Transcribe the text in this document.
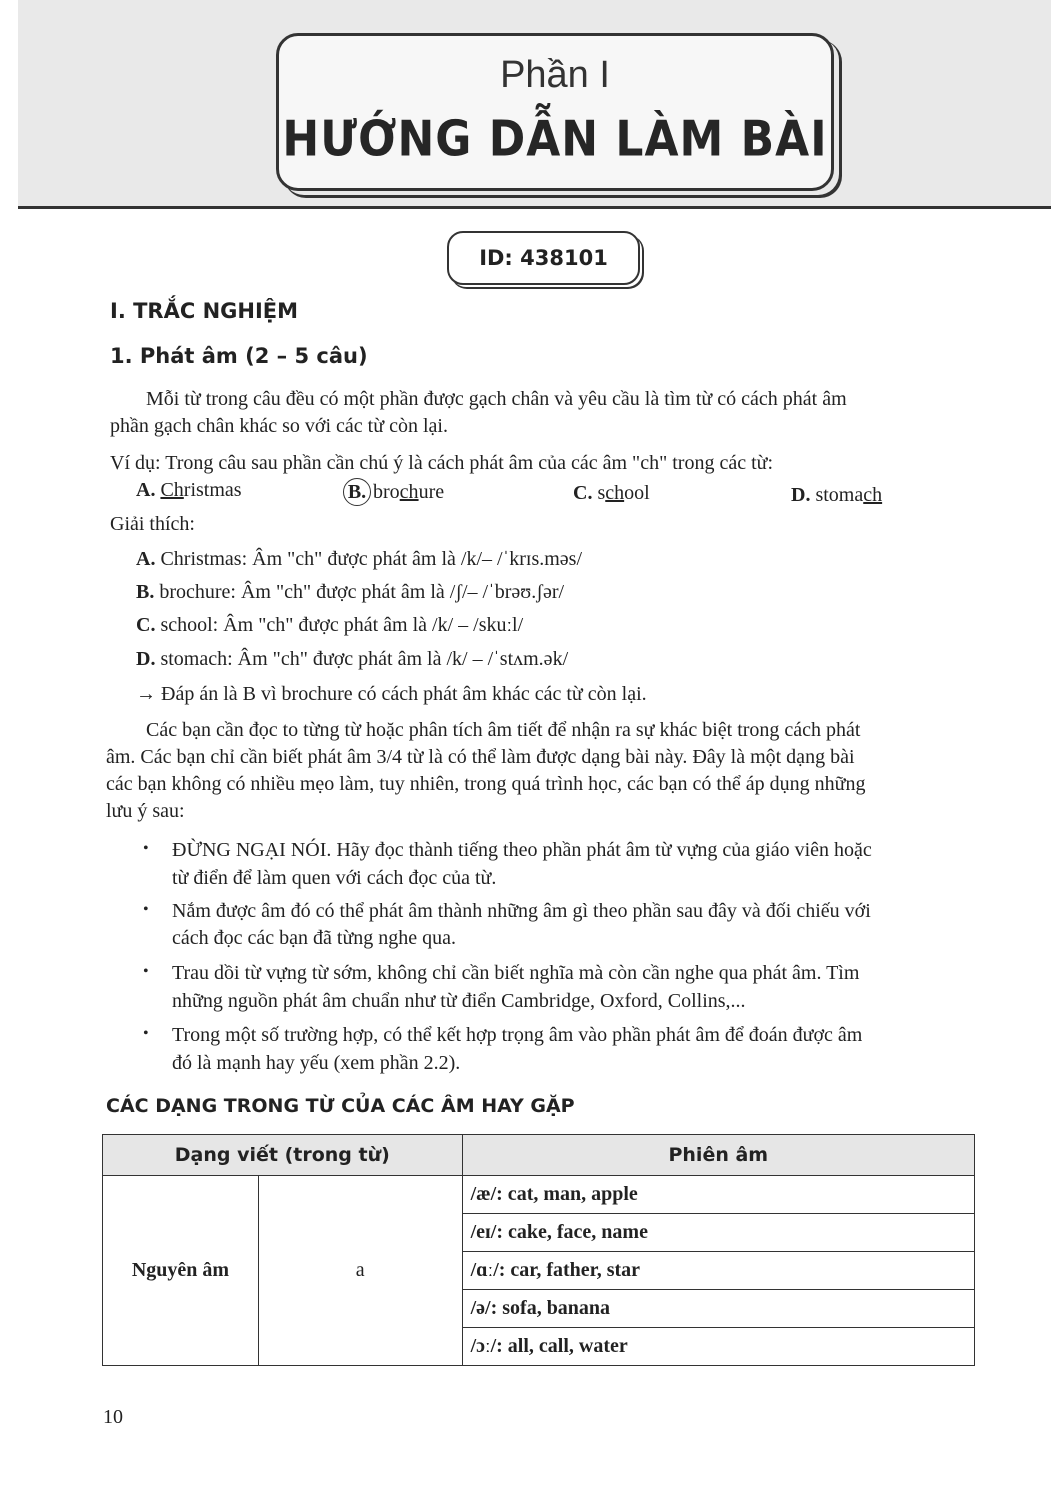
Phần I
HƯỚNG DẪN LÀM BÀI
ID: 438101
I. TRẮC NGHIỆM
1. Phát âm (2 – 5 câu)
Mỗi từ trong câu đều có một phần được gạch chân và yêu cầu là tìm từ có cách phát âm
phần gạch chân khác so với các từ còn lại.
Ví dụ: Trong câu sau phần cần chú ý là cách phát âm của các âm "ch" trong các từ:
A. Christmas	B. brochure	C. school	D. stomach
Giải thích:
A. Christmas: Âm "ch" được phát âm là /k/– /ˈkrɪs.məs/
B. brochure: Âm "ch" được phát âm là /ʃ/– /ˈbrəʊ.ʃər/
C. school: Âm "ch" được phát âm là /k/ – /skuːl/
D. stomach: Âm "ch" được phát âm là /k/ – /ˈstʌm.ək/
→ Đáp án là B vì brochure có cách phát âm khác các từ còn lại.
Các bạn cần đọc to từng từ hoặc phân tích âm tiết để nhận ra sự khác biệt trong cách phát
âm. Các bạn chỉ cần biết phát âm 3/4 từ là có thể làm được dạng bài này. Đây là một dạng bài
các bạn không có nhiều mẹo làm, tuy nhiên, trong quá trình học, các bạn có thể áp dụng những
lưu ý sau:
• ĐỪNG NGẠI NÓI. Hãy đọc thành tiếng theo phần phát âm từ vựng của giáo viên hoặc
từ điển để làm quen với cách đọc của từ.
• Nắm được âm đó có thể phát âm thành những âm gì theo phần sau đây và đối chiếu với
cách đọc các bạn đã từng nghe qua.
• Trau dồi từ vựng từ sớm, không chỉ cần biết nghĩa mà còn cần nghe qua phát âm. Tìm
những nguồn phát âm chuẩn như từ điển Cambridge, Oxford, Collins,...
• Trong một số trường hợp, có thể kết hợp trọng âm vào phần phát âm để đoán được âm
đó là mạnh hay yếu (xem phần 2.2).
CÁC DẠNG TRONG TỪ CỦA CÁC ÂM HAY GẶP
Dạng viết (trong từ)		Phiên âm
Nguyên âm	a	/æ/: cat, man, apple
		/eɪ/: cake, face, name
		/ɑː/: car, father, star
		/ə/: sofa, banana
		/ɔː/: all, call, water
10
